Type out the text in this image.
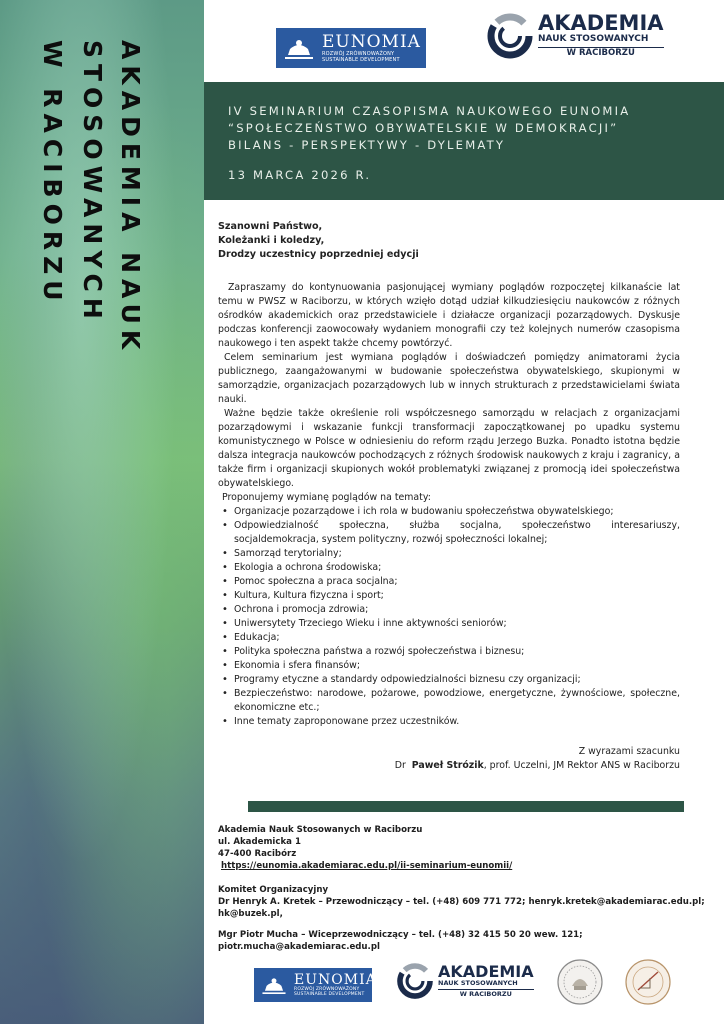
AKADEMIA NAUK
STOSOWANYCH
W RACIBORZU	EUNOMIA
ROZWÓJ ZRÓWNOWAŻONY
SUSTAINABLE DEVELOPMENT
AKADEMIA
NAUK STOSOWANYCH
W RACIBORZU
IV SEMINARIUM CZASOPISMA NAUKOWEGO EUNOMIA
“SPOŁECZEŃSTWO OBYWATELSKIE W DEMOKRACJI”
BILANS - PERSPEKTYWY - DYLEMATY
13 MARCA 2026 R.
Szanowni Państwo,
Koleżanki i koledzy,
Drodzy uczestnicy poprzedniej edycji

Zapraszamy do kontynuowania pasjonującej wymiany poglądów rozpoczętej kilkanaście lat temu w PWSZ w Raciborzu, w których wzięło dotąd udział kilkudziesięciu naukowców z różnych ośrodków akademickich oraz przedstawiciele i działacze organizacji pozarządowych. Dyskusje podczas konferencji zaowocowały wydaniem monografii czy też kolejnych numerów czasopisma naukowego i ten aspekt także chcemy powtórzyć.

Celem seminarium jest wymiana poglądów i doświadczeń pomiędzy animatorami życia publicznego, zaangażowanymi w budowanie społeczeństwa obywatelskiego, skupionymi w samorządzie, organizacjach pozarządowych lub w innych strukturach z przedstawicielami świata nauki.

Ważne będzie także określenie roli współczesnego samorządu w relacjach z organizacjami pozarządowymi i wskazanie funkcji transformacji zapoczątkowanej po upadku systemu komunistycznego w Polsce w odniesieniu do reform rządu Jerzego Buzka. Ponadto istotna będzie dalsza integracja naukowców pochodzących z różnych środowisk naukowych z kraju i zagranicy, a także firm i organizacji skupionych wokół problematyki związanej z promocją idei społeczeństwa obywatelskiego.

Proponujemy wymianę poglądów na tematy:

• Organizacje pozarządowe i ich rola w budowaniu społeczeństwa obywatelskiego;
• Odpowiedzialność społeczna, służba socjalna, społeczeństwo interesariuszy, socjaldemokracja, system polityczny, rozwój społeczności lokalnej;
• Samorząd terytorialny;
• Ekologia a ochrona środowiska;
• Pomoc społeczna a praca socjalna;
• Kultura, Kultura fizyczna i sport;
• Ochrona i promocja zdrowia;
• Uniwersytety Trzeciego Wieku i inne aktywności seniorów;
• Edukacja;
• Polityka społeczna państwa a rozwój społeczeństwa i biznesu;
• Ekonomia i sfera finansów;
• Programy etyczne a standardy odpowiedzialności biznesu czy organizacji;
• Bezpieczeństwo: narodowe, pożarowe, powodziowe, energetyczne, żywnościowe, społeczne, ekonomiczne etc.;
• Inne tematy zaproponowane przez uczestników.
Z wyrazami szacunku
Dr Paweł Strózik, prof. Uczelni, JM Rektor ANS w Raciborzu
Akademia Nauk Stosowanych w Raciborzu
ul. Akademicka 1
47-400 Racibórz
https://eunomia.akademiarac.edu.pl/ii-seminarium-eunomii/
Komitet Organizacyjny
Dr Henryk A. Kretek – Przewodniczący – tel. (+48) 609 771 772; henryk.kretek@akademiarac.edu.pl;
hk@buzek.pl,
Mgr Piotr Mucha – Wiceprzewodniczący – tel. (+48) 32 415 50 20 wew. 121; piotr.mucha@akademiarac.edu.pl
EUNOMIA
ROZWÓJ ZRÓWNOWAŻONY
SUSTAINABLE DEVELOPMENT
AKADEMIA
NAUK STOSOWANYCH
W RACIBORZU
